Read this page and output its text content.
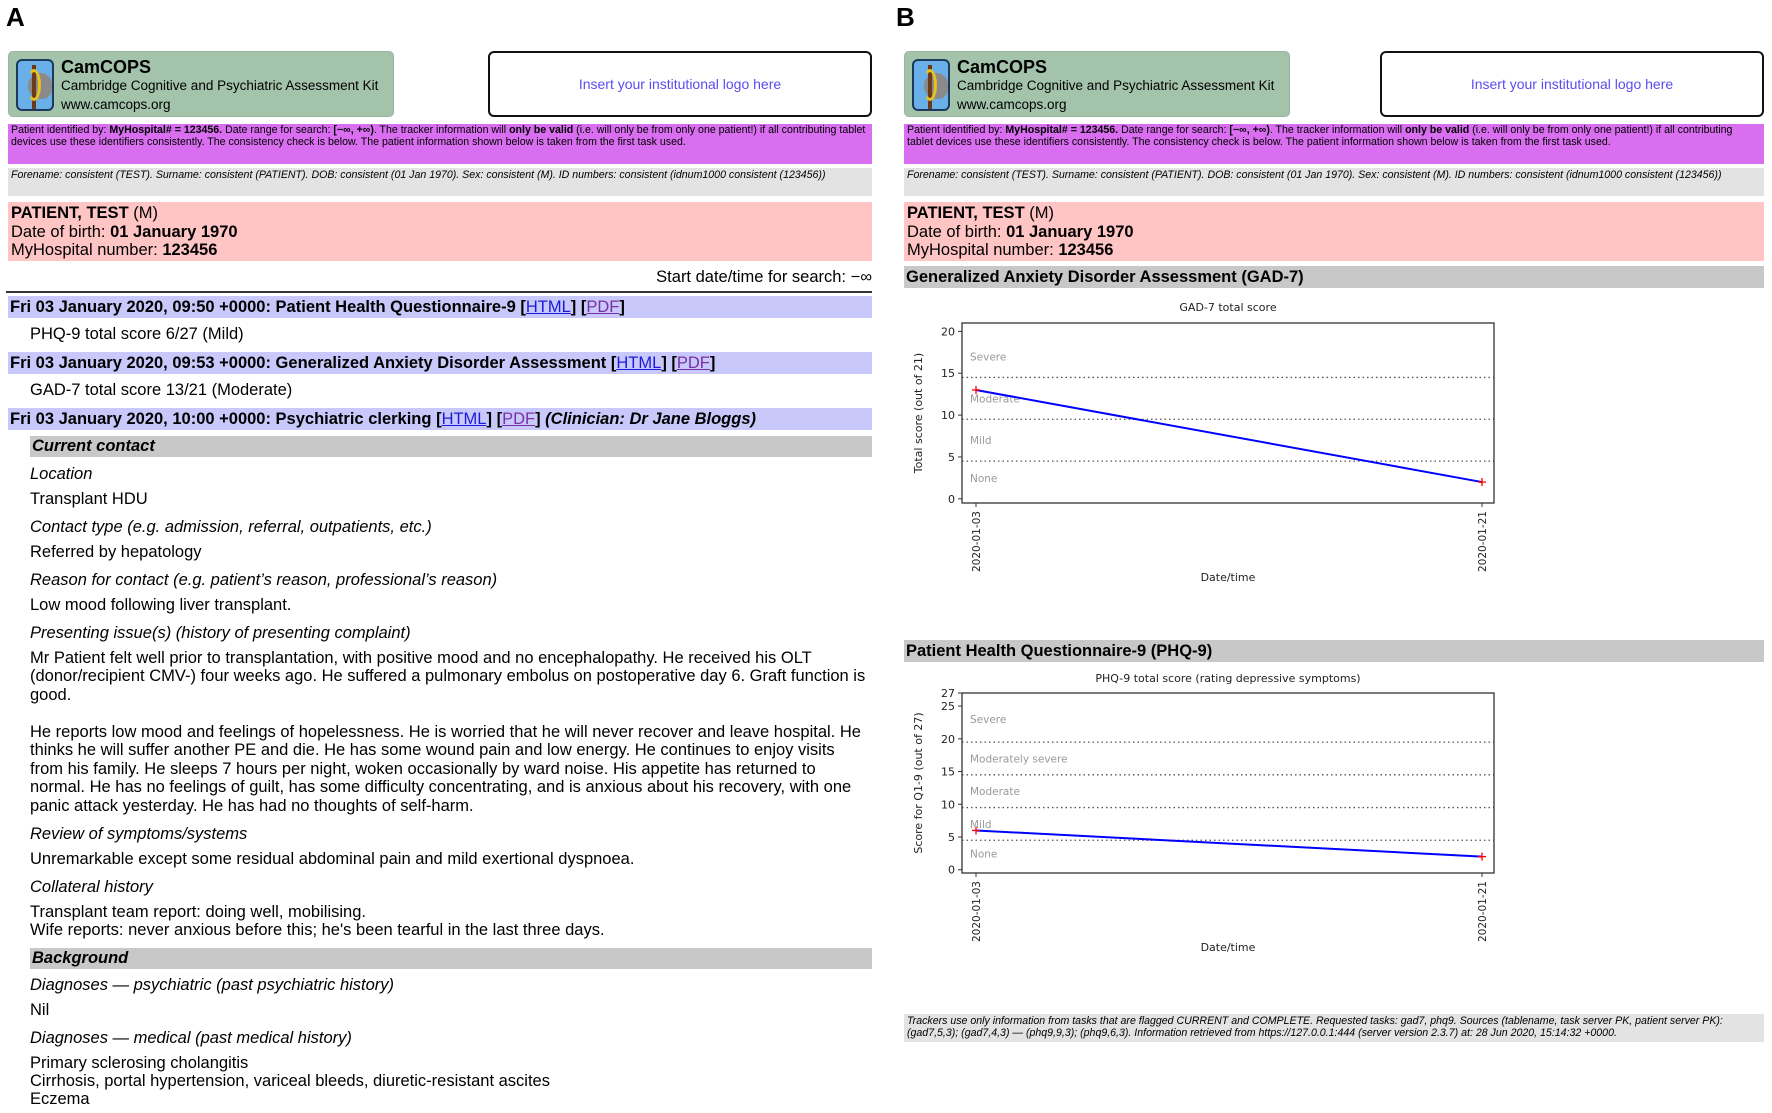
A
CamCOPS
Cambridge Cognitive and Psychiatric Assessment Kit
www.camcops.org
Insert your institutional logo here
Patient identified by: MyHospital# = 123456. Date range for search: [−∞, +∞). The tracker information will only be valid (i.e. will only be from only one patient!) if all contributing tablet devices use these identifiers consistently. The consistency check is below. The patient information shown below is taken from the first task used.
Forename: consistent (TEST). Surname: consistent (PATIENT). DOB: consistent (01 Jan 1970). Sex: consistent (M). ID numbers: consistent (idnum1000 consistent (123456))
PATIENT, TEST (M)
Date of birth: 01 January 1970
MyHospital number: 123456
Start date/time for search: −∞
Fri 03 January 2020, 09:50 +0000: Patient Health Questionnaire-9 [HTML] [PDF]
PHQ-9 total score 6/27 (Mild)
Fri 03 January 2020, 09:53 +0000: Generalized Anxiety Disorder Assessment [HTML] [PDF]
GAD-7 total score 13/21 (Moderate)
Fri 03 January 2020, 10:00 +0000: Psychiatric clerking [HTML] [PDF] (Clinician: Dr Jane Bloggs)
Current contact
Location
Transplant HDU
Contact type (e.g. admission, referral, outpatients, etc.)
Referred by hepatology
Reason for contact (e.g. patient’s reason, professional’s reason)
Low mood following liver transplant.
Presenting issue(s) (history of presenting complaint)
Mr Patient felt well prior to transplantation, with positive mood and no encephalopathy. He received his OLT (donor/recipient CMV-) four weeks ago. He suffered a pulmonary embolus on postoperative day 6. Graft function is good.
He reports low mood and feelings of hopelessness. He is worried that he will never recover and leave hospital. He thinks he will suffer another PE and die. He has some wound pain and low energy. He continues to enjoy visits from his family. He sleeps 7 hours per night, woken occasionally by ward noise. His appetite has returned to normal. He has no feelings of guilt, has some difficulty concentrating, and is anxious about his recovery, with one panic attack yesterday. He has had no thoughts of self-harm.
Review of symptoms/systems
Unremarkable except some residual abdominal pain and mild exertional dyspnoea.
Collateral history
Transplant team report: doing well, mobilising.
Wife reports: never anxious before this; he's been tearful in the last three days.
Background
Diagnoses — psychiatric (past psychiatric history)
Nil
Diagnoses — medical (past medical history)
Primary sclerosing cholangitis
Cirrhosis, portal hypertension, variceal bleeds, diuretic-resistant ascites
Eczema
B
CamCOPS
Cambridge Cognitive and Psychiatric Assessment Kit
www.camcops.org
Insert your institutional logo here
Patient identified by: MyHospital# = 123456. Date range for search: [−∞, +∞). The tracker information will only be valid (i.e. will only be from only one patient!) if all contributing tablet devices use these identifiers consistently. The consistency check is below. The patient information shown below is taken from the first task used.
Forename: consistent (TEST). Surname: consistent (PATIENT). DOB: consistent (01 Jan 1970). Sex: consistent (M). ID numbers: consistent (idnum1000 consistent (123456))
PATIENT, TEST (M)
Date of birth: 01 January 1970
MyHospital number: 123456
Generalized Anxiety Disorder Assessment (GAD-7)
GAD-7 total score
None
Mild
Moderate
Severe
0
5
10
15
20
2020-01-03	2020-01-21
Date/time
Total score (out of 21)
Patient Health Questionnaire-9 (PHQ-9)
PHQ-9 total score (rating depressive symptoms)
None
Mild
Moderate
Moderately severe
Severe
0
5
10
15
20
25
27
2020-01-03	2020-01-21
Date/time
Score for Q1-9 (out of 27)
Trackers use only information from tasks that are flagged CURRENT and COMPLETE. Requested tasks: gad7, phq9. Sources (tablename, task server PK, patient server PK): (gad7,5,3); (gad7,4,3) — (phq9,9,3); (phq9,6,3). Information retrieved from https://127.0.0.1:444 (server version 2.3.7) at: 28 Jun 2020, 15:14:32 +0000.
